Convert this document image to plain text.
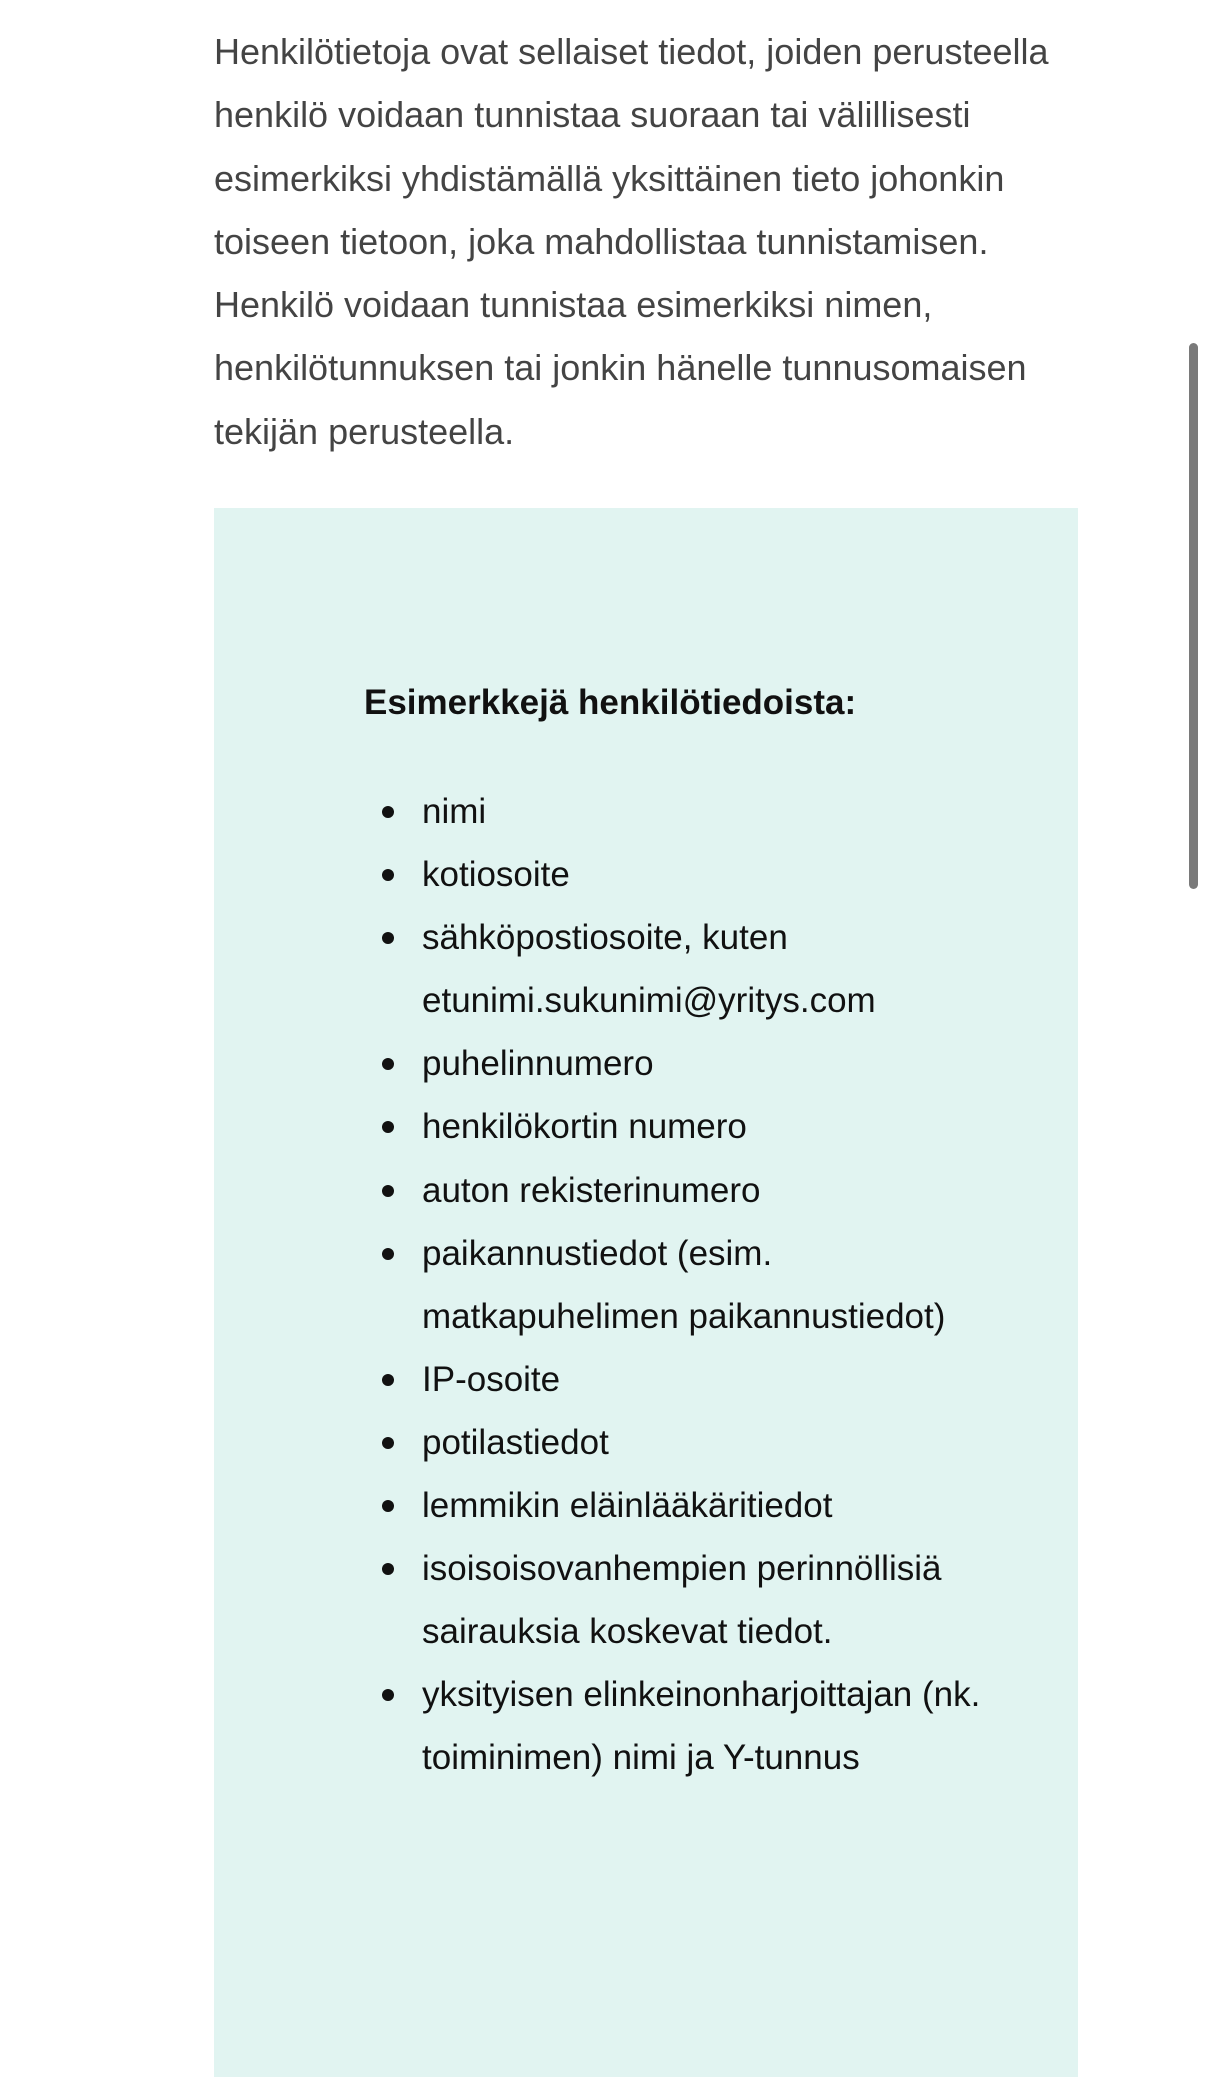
Henkilötietoja ovat sellaiset tiedot, joiden perusteella henkilö voidaan tunnistaa suoraan tai välillisesti esimerkiksi yhdistämällä yksittäinen tieto johonkin toiseen tietoon, joka mahdollistaa tunnistamisen. Henkilö voidaan tunnistaa esimerkiksi nimen, henkilötunnuksen tai jonkin hänelle tunnusomaisen tekijän perusteella.

Esimerkkejä henkilötiedoista:
nimi
kotiosoite
sähköpostiosoite, kuten etunimi.sukunimi@yritys.com
puhelinnumero
henkilökortin numero
auton rekisterinumero
paikannustiedot (esim. matkapuhelimen paikannustiedot)
IP-osoite
potilastiedot
lemmikin eläinlääkäritiedot
isoisoisovanhempien perinnöllisiä sairauksia koskevat tiedot.
yksityisen elinkeinonharjoittajan (nk. toiminimen) nimi ja Y-tunnus
